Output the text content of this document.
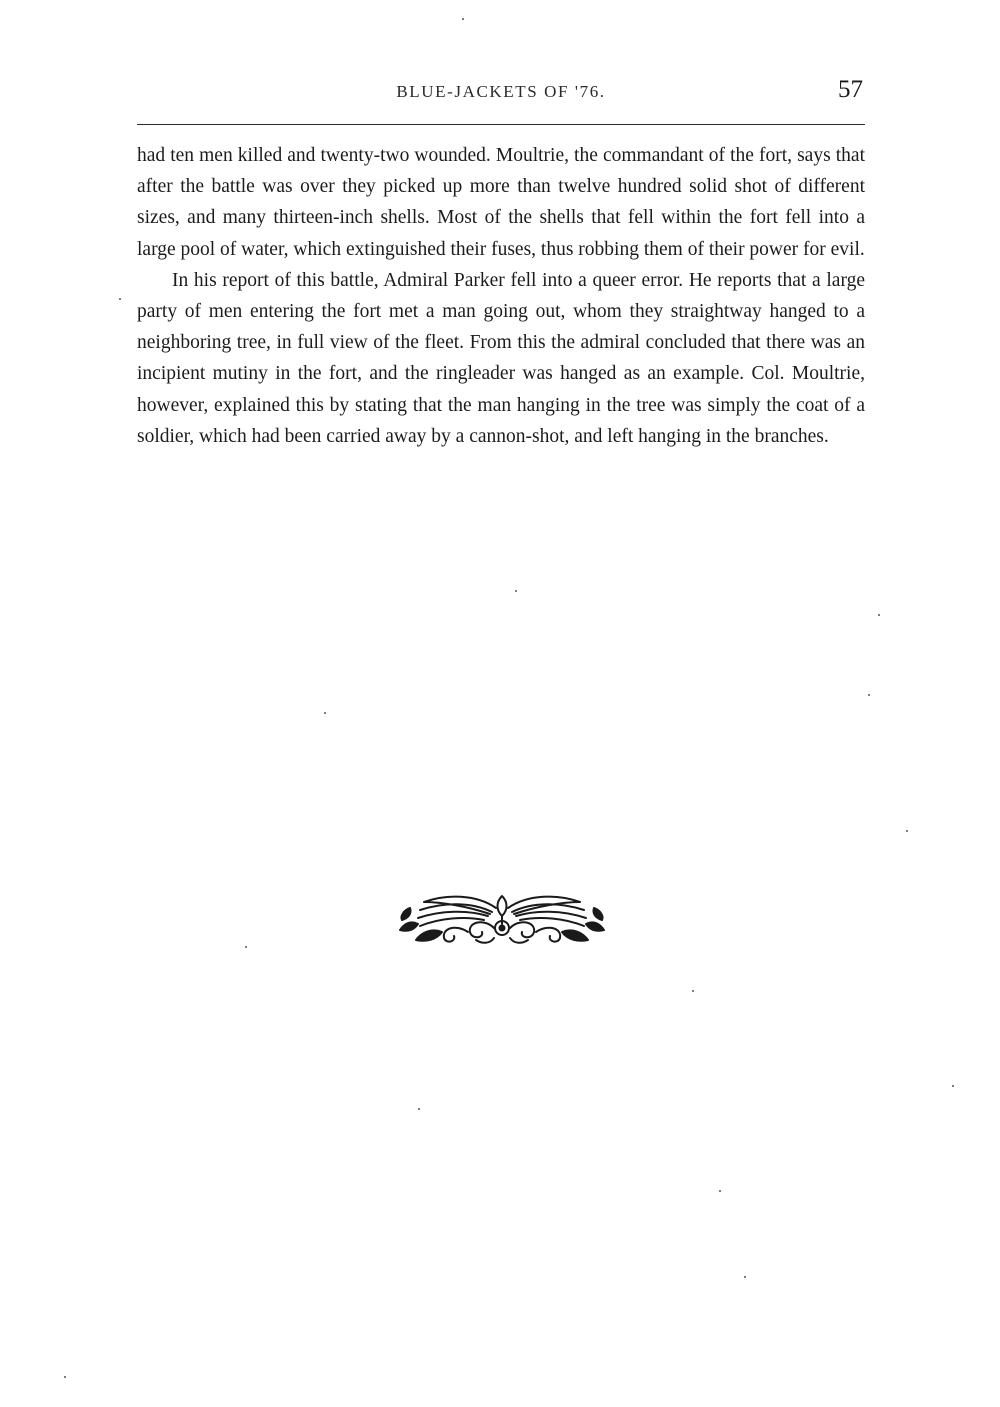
BLUE-JACKETS OF '76.	57

had ten men killed and twenty-two wounded. Moultrie, the commandant of the fort, says that after the battle was over they picked up more than twelve hundred solid shot of different sizes, and many thirteen-inch shells. Most of the shells that fell within the fort fell into a large pool of water, which extinguished their fuses, thus robbing them of their power for evil.

In his report of this battle, Admiral Parker fell into a queer error. He reports that a large party of men entering the fort met a man going out, whom they straightway hanged to a neighboring tree, in full view of the fleet. From this the admiral concluded that there was an incipient mutiny in the fort, and the ringleader was hanged as an example. Col. Moultrie, however, explained this by stating that the man hanging in the tree was simply the coat of a soldier, which had been carried away by a cannon-shot, and left hanging in the branches.
